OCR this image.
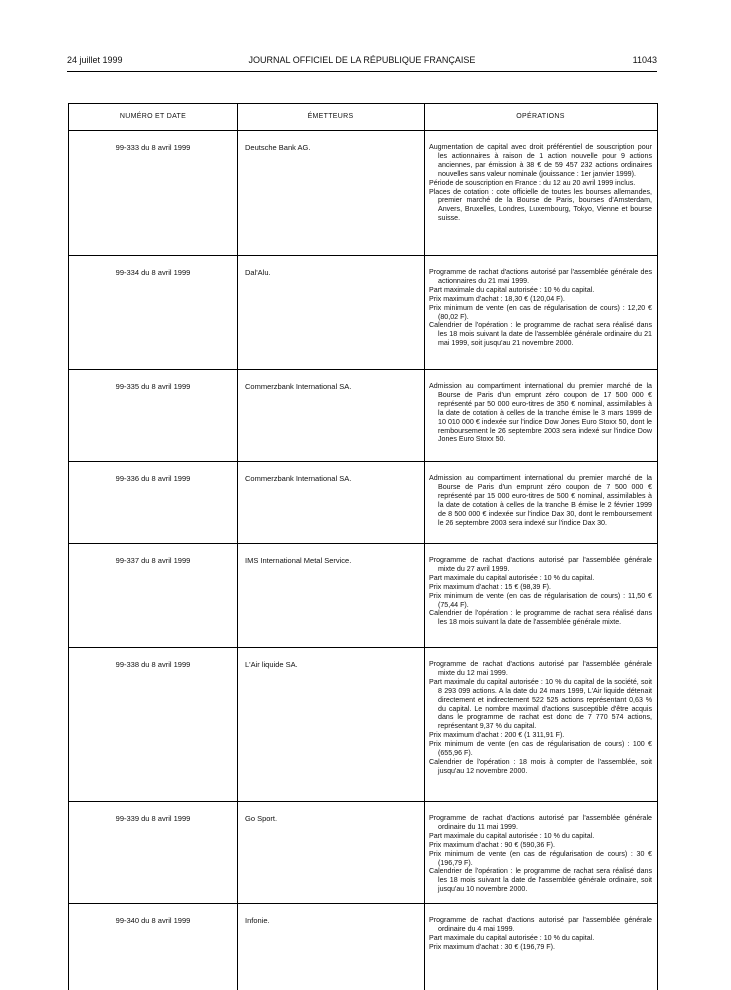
24 juillet 1999	JOURNAL OFFICIEL DE LA RÉPUBLIQUE FRANÇAISE	11043
NUMÉRO ET DATE	ÉMETTEURS	OPÉRATIONS
99-333 du 8 avril 1999	Deutsche Bank AG.	Augmentation de capital avec droit préférentiel de souscription pour les actionnaires à raison de 1 action nouvelle pour 9 actions anciennes, par émission à 38 € de 59 457 232 actions ordinaires nouvelles sans valeur nominale (jouissance : 1er janvier 1999).

Période de souscription en France : du 12 au 20 avril 1999 inclus.

Places de cotation : cote officielle de toutes les bourses allemandes, premier marché de la Bourse de Paris, bourses d'Amsterdam, Anvers, Bruxelles, Londres, Luxembourg, Tokyo, Vienne et bourse suisse.

99-334 du 8 avril 1999	Dal'Alu.	Programme de rachat d'actions autorisé par l'assemblée générale des actionnaires du 21 mai 1999.

Part maximale du capital autorisée : 10 % du capital.

Prix maximum d'achat : 18,30 € (120,04 F).

Prix minimum de vente (en cas de régularisation de cours) : 12,20 € (80,02 F).

Calendrier de l'opération : le programme de rachat sera réalisé dans les 18 mois suivant la date de l'assemblée générale ordinaire du 21 mai 1999, soit jusqu'au 21 novembre 2000.

99-335 du 8 avril 1999	Commerzbank International SA.	Admission au compartiment international du premier marché de la Bourse de Paris d'un emprunt zéro coupon de 17 500 000 € représenté par 50 000 euro-titres de 350 € nominal, assimilables à la date de cotation à celles de la tranche émise le 3 mars 1999 de 10 010 000 € indexée sur l'indice Dow Jones Euro Stoxx 50, dont le remboursement le 26 septembre 2003 sera indexé sur l'indice Dow Jones Euro Stoxx 50.

99-336 du 8 avril 1999	Commerzbank International SA.	Admission au compartiment international du premier marché de la Bourse de Paris d'un emprunt zéro coupon de 7 500 000 € représenté par 15 000 euro-titres de 500 € nominal, assimilables à la date de cotation à celles de la tranche B émise le 2 février 1999 de 8 500 000 € indexée sur l'indice Dax 30, dont le remboursement le 26 septembre 2003 sera indexé sur l'indice Dax 30.

99-337 du 8 avril 1999	IMS International Metal Service.	Programme de rachat d'actions autorisé par l'assemblée générale mixte du 27 avril 1999.

Part maximale du capital autorisée : 10 % du capital.

Prix maximum d'achat : 15 € (98,39 F).

Prix minimum de vente (en cas de régularisation de cours) : 11,50 € (75,44 F).

Calendrier de l'opération : le programme de rachat sera réalisé dans les 18 mois suivant la date de l'assemblée générale mixte.

99-338 du 8 avril 1999	L'Air liquide SA.	Programme de rachat d'actions autorisé par l'assemblée générale mixte du 12 mai 1999.

Part maximale du capital autorisée : 10 % du capital de la société, soit 8 293 099 actions. A la date du 24 mars 1999, L'Air liquide détenait directement et indirectement 522 525 actions représentant 0,63 % du capital. Le nombre maximal d'actions susceptible d'être acquis dans le programme de rachat est donc de 7 770 574 actions, représentant 9,37 % du capital.

Prix maximum d'achat : 200 € (1 311,91 F).

Prix minimum de vente (en cas de régularisation de cours) : 100 € (655,96 F).

Calendrier de l'opération : 18 mois à compter de l'assemblée, soit jusqu'au 12 novembre 2000.

99-339 du 8 avril 1999	Go Sport.	Programme de rachat d'actions autorisé par l'assemblée générale ordinaire du 11 mai 1999.

Part maximale du capital autorisée : 10 % du capital.

Prix maximum d'achat : 90 € (590,36 F).

Prix minimum de vente (en cas de régularisation de cours) : 30 € (196,79 F).

Calendrier de l'opération : le programme de rachat sera réalisé dans les 18 mois suivant la date de l'assemblée générale ordinaire, soit jusqu'au 10 novembre 2000.

99-340 du 8 avril 1999	Infonie.	Programme de rachat d'actions autorisé par l'assemblée générale ordinaire du 4 mai 1999.

Part maximale du capital autorisée : 10 % du capital.

Prix maximum d'achat : 30 € (196,79 F).
